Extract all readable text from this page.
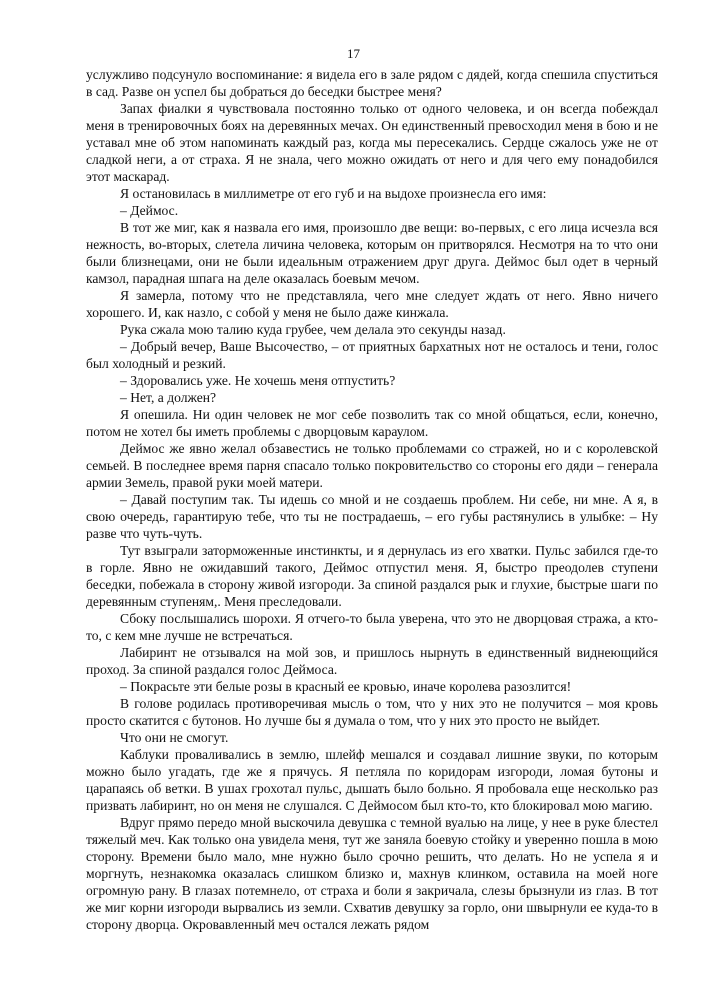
17

услужливо подсунуло воспоминание: я видела его в зале рядом с дядей, когда спешила спуститься в сад. Разве он успел бы добраться до беседки быстрее меня?

Запах фиалки я чувствовала постоянно только от одного человека, и он всегда побеждал меня в тренировочных боях на деревянных мечах. Он единственный превосходил меня в бою и не уставал мне об этом напоминать каждый раз, когда мы пересекались. Сердце сжалось уже не от сладкой неги, а от страха. Я не знала, чего можно ожидать от него и для чего ему понадобился этот маскарад.

Я остановилась в миллиметре от его губ и на выдохе произнесла его имя:

– Деймос.

В тот же миг, как я назвала его имя, произошло две вещи: во-первых, с его лица исчезла вся нежность, во-вторых, слетела личина человека, которым он притворялся. Несмотря на то что они были близнецами, они не были идеальным отражением друг друга. Деймос был одет в черный камзол, парадная шпага на деле оказалась боевым мечом.

Я замерла, потому что не представляла, чего мне следует ждать от него. Явно ничего хорошего. И, как назло, с собой у меня не было даже кинжала.

Рука сжала мою талию куда грубее, чем делала это секунды назад.

– Добрый вечер, Ваше Высочество, – от приятных бархатных нот не осталось и тени, голос был холодный и резкий.

– Здоровались уже. Не хочешь меня отпустить?

– Нет, а должен?

Я опешила. Ни один человек не мог себе позволить так со мной общаться, если, конечно, потом не хотел бы иметь проблемы с дворцовым караулом.

Деймос же явно желал обзавестись не только проблемами со стражей, но и с королевской семьей. В последнее время парня спасало только покровительство со стороны его дяди – генерала армии Земель, правой руки моей матери.

– Давай поступим так. Ты идешь со мной и не создаешь проблем. Ни себе, ни мне. А я, в свою очередь, гарантирую тебе, что ты не пострадаешь, – его губы растянулись в улыбке: – Ну разве что чуть-чуть.

Тут взыграли заторможенные инстинкты, и я дернулась из его хватки. Пульс забился где-то в горле. Явно не ожидавший такого, Деймос отпустил меня. Я, быстро преодолев ступени беседки, побежала в сторону живой изгороди. За спиной раздался рык и глухие, быстрые шаги по деревянным ступеням,. Меня преследовали.

Сбоку послышались шорохи. Я отчего-то была уверена, что это не дворцовая стража, а кто-то, с кем мне лучше не встречаться.

Лабиринт не отзывался на мой зов, и пришлось нырнуть в единственный виднеющийся проход. За спиной раздался голос Деймоса.

– Покрасьте эти белые розы в красный ее кровью, иначе королева разозлится!

В голове родилась противоречивая мысль о том, что у них это не получится – моя кровь просто скатится с бутонов. Но лучше бы я думала о том, что у них это просто не выйдет.

Что они не смогут.

Каблуки проваливались в землю, шлейф мешался и создавал лишние звуки, по которым можно было угадать, где же я прячусь. Я петляла по коридорам изгороди, ломая бутоны и царапаясь об ветки. В ушах грохотал пульс, дышать было больно. Я пробовала еще несколько раз призвать лабиринт, но он меня не слушался. С Деймосом был кто-то, кто блокировал мою магию.

Вдруг прямо передо мной выскочила девушка с темной вуалью на лице, у нее в руке блестел тяжелый меч. Как только она увидела меня, тут же заняла боевую стойку и уверенно пошла в мою сторону. Времени было мало, мне нужно было срочно решить, что делать. Но не успела я и моргнуть, незнакомка оказалась слишком близко и, махнув клинком, оставила на моей ноге огромную рану. В глазах потемнело, от страха и боли я закричала, слезы брызнули из глаз. В тот же миг корни изгороди вырвались из земли. Схватив девушку за горло, они швырнули ее куда-то в сторону дворца. Окровавленный меч остался лежать рядом
